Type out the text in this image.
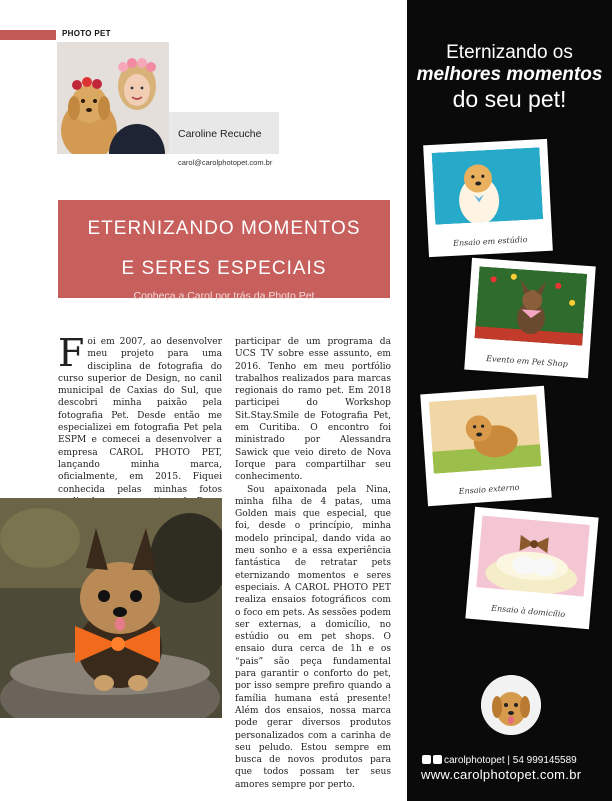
PHOTO PET
Caroline Recuche
carol@carolphotopet.com.br
ETERNIZANDO MOMENTOS
E SERES ESPECIAIS
Conheça a Carol por trás da Photo Pet
F oi em 2007, ao desenvolver meu projeto para uma disciplina de fotografia do curso superior de Design, no canil municipal de Caxias do Sul, que descobri minha paixão pela fotografia Pet. Desde então me especializei em fotografia Pet pela ESPM e comecei a desenvolver a empresa CAROL PHOTO PET, lançando minha marca, oficialmente, em 2015. Fiquei conhecida pelas minhas fotos

participar de um programa da UCS TV sobre esse assunto, em 2016. Tenho em meu portfólio trabalhos realizados para marcas regionais do ramo pet. Em 2018 participei do Workshop Sit.Stay.Smile de Fotografia Pet, em Curitiba. O encontro foi ministrado por Alessandra Sawick que veio direto de Nova Iorque para compartilhar seu conhecimento.

Sou apaixonada pela Nina, minha filha de 4 patas, uma Golden mais que especial, que foi, desde o princípio, minha modelo principal, dando vida ao meu sonho e a essa experiência fantástica de retratar pets eternizando momentos e seres especiais. A CAROL PHOTO PET realiza ensaios fotográficos com o foco em pets. As sessões podem ser externas, a domicílio, no estúdio ou em pet shops. O ensaio dura cerca de 1h e os “pais” são peça fundamental para garantir o conforto do pet, por isso sempre prefiro quando a família humana está presente! Além dos ensaios, nossa marca pode gerar diversos produtos personalizados com a carinha de seu peludo. Estou sempre em busca de novos produtos para que todos possam ter seus amores sempre por perto.

Eternizando os
melhores momentos
do seu pet!
Ensaio em estúdio
Evento em Pet Shop
Ensaio externo
Ensaio à domicílio
carolphotopet | 54 999145589
www.carolphotopet.com.br
